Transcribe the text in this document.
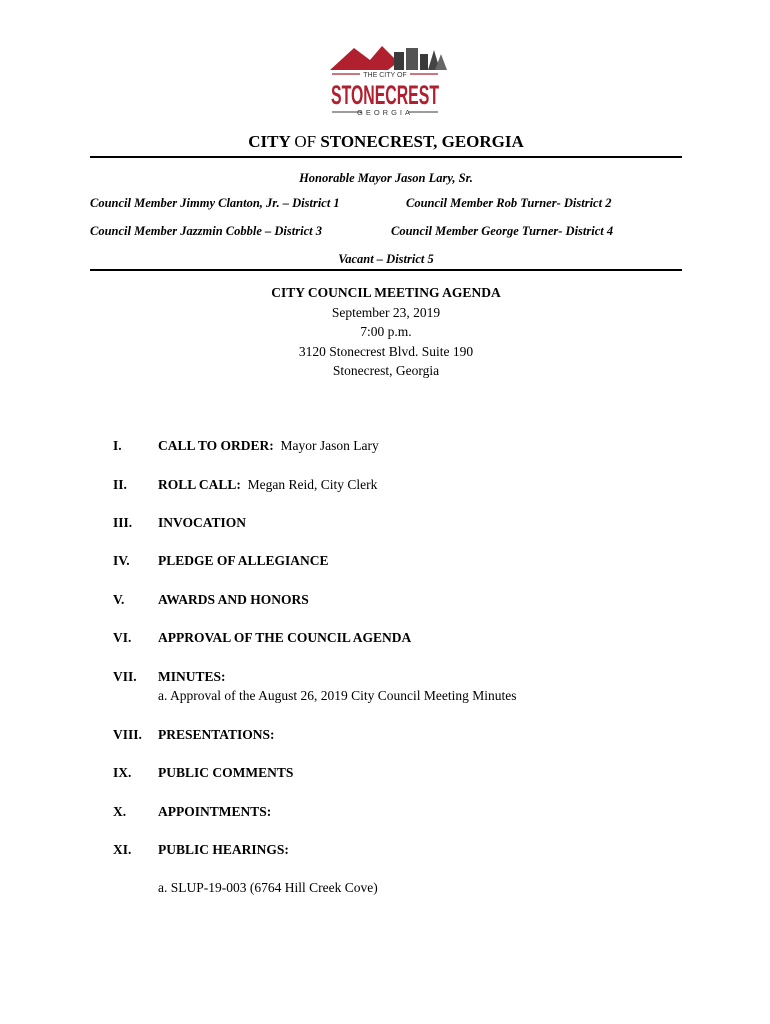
THE CITY OF
STONECREST
GEORGIA
CITY OF STONECREST, GEORGIA
Honorable Mayor Jason Lary, Sr.
Council Member Jimmy Clanton, Jr. – District 1	Council Member Rob Turner- District 2
Council Member Jazzmin Cobble – District 3	Council Member George Turner- District 4
Vacant – District 5
CITY COUNCIL MEETING AGENDA
September 23, 2019
7:00 p.m.
3120 Stonecrest Blvd. Suite 190
Stonecrest, Georgia
I.	CALL TO ORDER: Mayor Jason Lary
II. ROLL CALL: Megan Reid, City Clerk
III. INVOCATION
IV. PLEDGE OF ALLEGIANCE
V. AWARDS AND HONORS
VI. APPROVAL OF THE COUNCIL AGENDA
VII. MINUTES:
a. Approval of the August 26, 2019 City Council Meeting Minutes
VIII. PRESENTATIONS:
IX. PUBLIC COMMENTS
X. APPOINTMENTS:
XI. PUBLIC HEARINGS:
a. SLUP-19-003 (6764 Hill Creek Cove)
